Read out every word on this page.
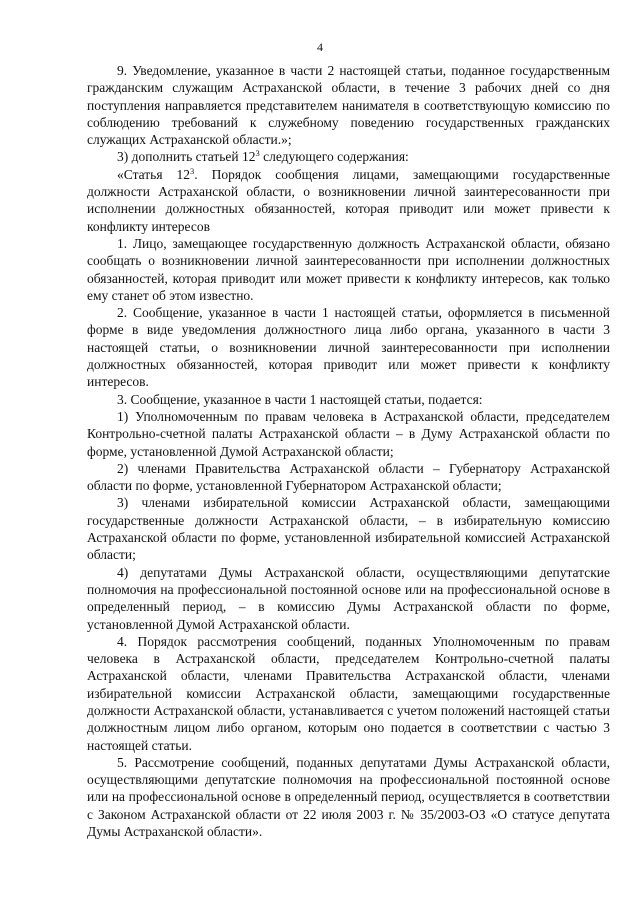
4

9. Уведомление, указанное в части 2 настоящей статьи, поданное государственным гражданским служащим Астраханской области, в течение 3 рабочих дней со дня поступления направляется представителем нанимателя в соответствующую комиссию по соблюдению требований к служебному поведению государственных гражданских служащих Астраханской области.»;

3) дополнить статьей $12^3$ следующего содержания:

«Статья $12^3$. Порядок сообщения лицами, замещающими государственные должности Астраханской области, о возникновении личной заинтересованности при исполнении должностных обязанностей, которая приводит или может привести к конфликту интересов

1. Лицо, замещающее государственную должность Астраханской области, обязано сообщать о возникновении личной заинтересованности при исполнении должностных обязанностей, которая приводит или может привести к конфликту интересов, как только ему станет об этом известно.

2. Сообщение, указанное в части 1 настоящей статьи, оформляется в письменной форме в виде уведомления должностного лица либо органа, указанного в части 3 настоящей статьи, о возникновении личной заинтересованности при исполнении должностных обязанностей, которая приводит или может привести к конфликту интересов.

3. Сообщение, указанное в части 1 настоящей статьи, подается:

1) Уполномоченным по правам человека в Астраханской области, председателем Контрольно-счетной палаты Астраханской области – в Думу Астраханской области по форме, установленной Думой Астраханской области;

2) членами Правительства Астраханской области – Губернатору Астраханской области по форме, установленной Губернатором Астраханской области;

3) членами избирательной комиссии Астраханской области, замещающими государственные должности Астраханской области, – в избирательную комиссию Астраханской области по форме, установленной избирательной комиссией Астраханской области;

4) депутатами Думы Астраханской области, осуществляющими депутатские полномочия на профессиональной постоянной основе или на профессиональной основе в определенный период, – в комиссию Думы Астраханской области по форме, установленной Думой Астраханской области.

4. Порядок рассмотрения сообщений, поданных Уполномоченным по правам человека в Астраханской области, председателем Контрольно-счетной палаты Астраханской области, членами Правительства Астраханской области, членами избирательной комиссии Астраханской области, замещающими государственные должности Астраханской области, устанавливается с учетом положений настоящей статьи должностным лицом либо органом, которым оно подается в соответствии с частью 3 настоящей статьи.

5. Рассмотрение сообщений, поданных депутатами Думы Астраханской области, осуществляющими депутатские полномочия на профессиональной постоянной основе или на профессиональной основе в определенный период, осуществляется в соответствии с Законом Астраханской области от 22 июля 2003 г. № 35/2003-ОЗ «О статусе депутата Думы Астраханской области».
